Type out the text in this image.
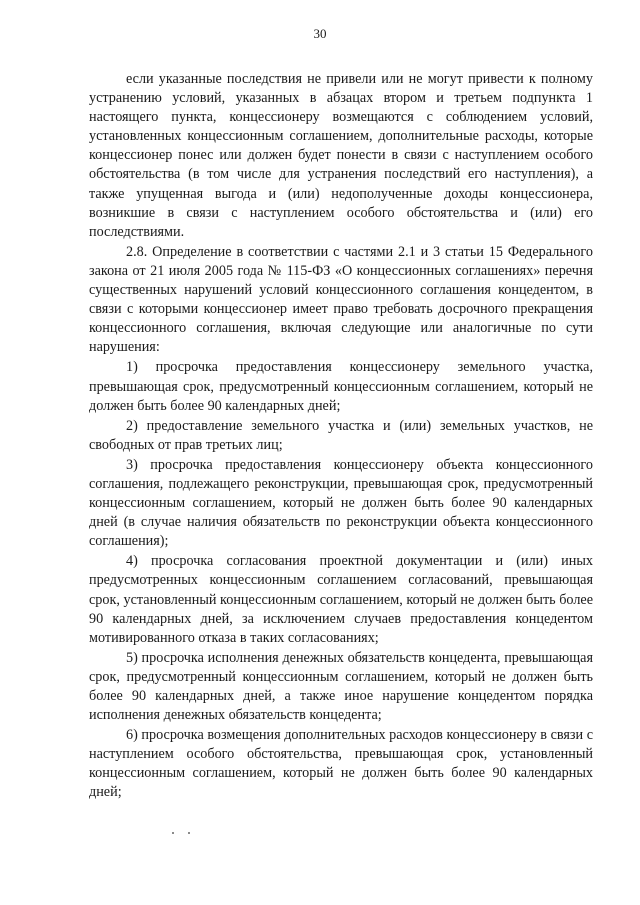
30

если указанные последствия не привели или не могут привести к полному устранению условий, указанных в абзацах втором и третьем подпункта 1 настоящего пункта, концессионеру возмещаются с соблюдением условий, установленных концессионным соглашением, дополнительные расходы, которые концессионер понес или должен будет понести в связи с наступлением особого обстоятельства (в том числе для устранения последствий его наступления), а также упущенная выгода и (или) недополученные доходы концессионера, возникшие в связи с наступлением особого обстоятельства и (или) его последствиями.

2.8. Определение в соответствии с частями 2.1 и 3 статьи 15 Федерального закона от 21 июля 2005 года № 115-ФЗ «О концессионных соглашениях» перечня существенных нарушений условий концессионного соглашения концедентом, в связи с которыми концессионер имеет право требовать досрочного прекращения концессионного соглашения, включая следующие или аналогичные по сути нарушения:

1) просрочка предоставления концессионеру земельного участка, превышающая срок, предусмотренный концессионным соглашением, который не должен быть более 90 календарных дней;

2) предоставление земельного участка и (или) земельных участков, не свободных от прав третьих лиц;

3) просрочка предоставления концессионеру объекта концессионного соглашения, подлежащего реконструкции, превышающая срок, предусмотренный концессионным соглашением, который не должен быть более 90 календарных дней (в случае наличия обязательств по реконструкции объекта концессионного соглашения);

4) просрочка согласования проектной документации и (или) иных предусмотренных концессионным соглашением согласований, превышающая срок, установленный концессионным соглашением, который не должен быть более 90 календарных дней, за исключением случаев предоставления концедентом мотивированного отказа в таких согласованиях;

5) просрочка исполнения денежных обязательств концедента, превышающая срок, предусмотренный концессионным соглашением, который не должен быть более 90 календарных дней, а также иное нарушение концедентом порядка исполнения денежных обязательств концедента;

6) просрочка возмещения дополнительных расходов концессионеру в связи с наступлением особого обстоятельства, превышающая срок, установленный концессионным соглашением, который не должен быть более 90 календарных дней;
